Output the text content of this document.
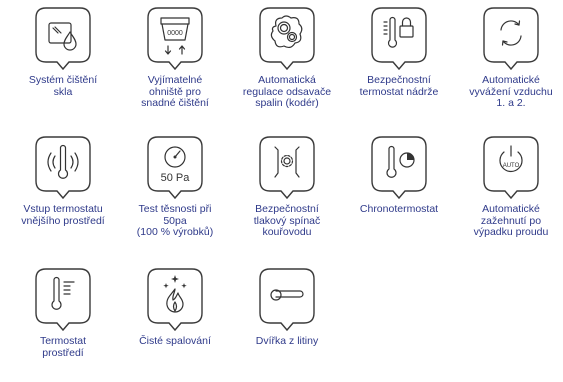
Systém čištění
skla
0000
Vyjímatelné
ohniště pro
snadné čištění
Automatická
regulace odsavače
spalin (kodér)
Bezpečnostní
termostat nádrže
Automatické
vyvážení vzduchu
1. a 2.
Vstup termostatu
vnějšího prostředí
50 Pa
Test těsnosti při
50pa
(100 % výrobků)
Bezpečnostní
tlakový spínač
kouřovodu
Chronotermostat
AUTO
Automatické
zažehnutí po
výpadku proudu
Termostat
prostředí
Čisté spalování	Dvířka z litiny
